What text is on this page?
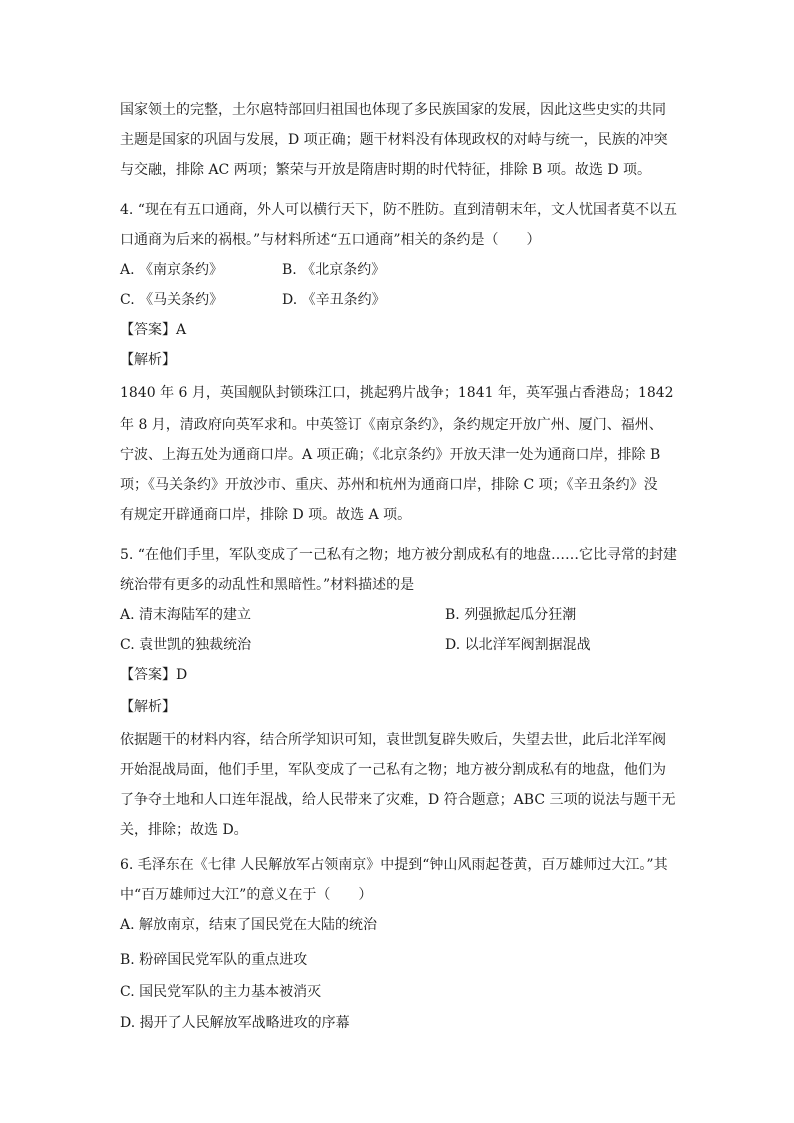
国家领土的完整，土尔扈特部回归祖国也体现了多民族国家的发展，因此这些史实的共同
主题是国家的巩固与发展，D 项正确；题干材料没有体现政权的对峙与统一，民族的冲突
与交融，排除 AC 两项；繁荣与开放是隋唐时期的时代特征，排除 B 项。故选 D 项。
4. “现在有五口通商，外人可以横行天下，防不胜防。直到清朝末年，文人忧国者莫不以五
口通商为后来的祸根。”与材料所述“五口通商”相关的条约是（　　）
A. 《南京条约》	B. 《北京条约》
C. 《马关条约》	D. 《辛丑条约》
【答案】A
【解析】
1840 年 6 月，英国舰队封锁珠江口，挑起鸦片战争；1841 年，英军强占香港岛；1842
年 8 月，清政府向英军求和。中英签订《南京条约》，条约规定开放广州、厦门、福州、
宁波、上海五处为通商口岸。A 项正确；《北京条约》开放天津一处为通商口岸，排除 B
项；《马关条约》开放沙市、重庆、苏州和杭州为通商口岸，排除 C 项；《辛丑条约》没
有规定开辟通商口岸，排除 D 项。故选 A 项。
5. “在他们手里，军队变成了一己私有之物；地方被分割成私有的地盘……它比寻常的封建
统治带有更多的动乱性和黑暗性。”材料描述的是
A. 清末海陆军的建立	B. 列强掀起瓜分狂潮
C. 袁世凯的独裁统治	D. 以北洋军阀割据混战
【答案】D
【解析】
依据题干的材料内容，结合所学知识可知，袁世凯复辟失败后，失望去世，此后北洋军阀
开始混战局面，他们手里，军队变成了一己私有之物；地方被分割成私有的地盘，他们为
了争夺土地和人口连年混战，给人民带来了灾难，D 符合题意；ABC 三项的说法与题干无
关，排除；故选 D。
6. 毛泽东在《七律 人民解放军占领南京》中提到“钟山风雨起苍黄，百万雄师过大江。”其
中“百万雄师过大江”的意义在于（　　）
A. 解放南京，结束了国民党在大陆的统治
B. 粉碎国民党军队的重点进攻
C. 国民党军队的主力基本被消灭
D. 揭开了人民解放军战略进攻的序幕
